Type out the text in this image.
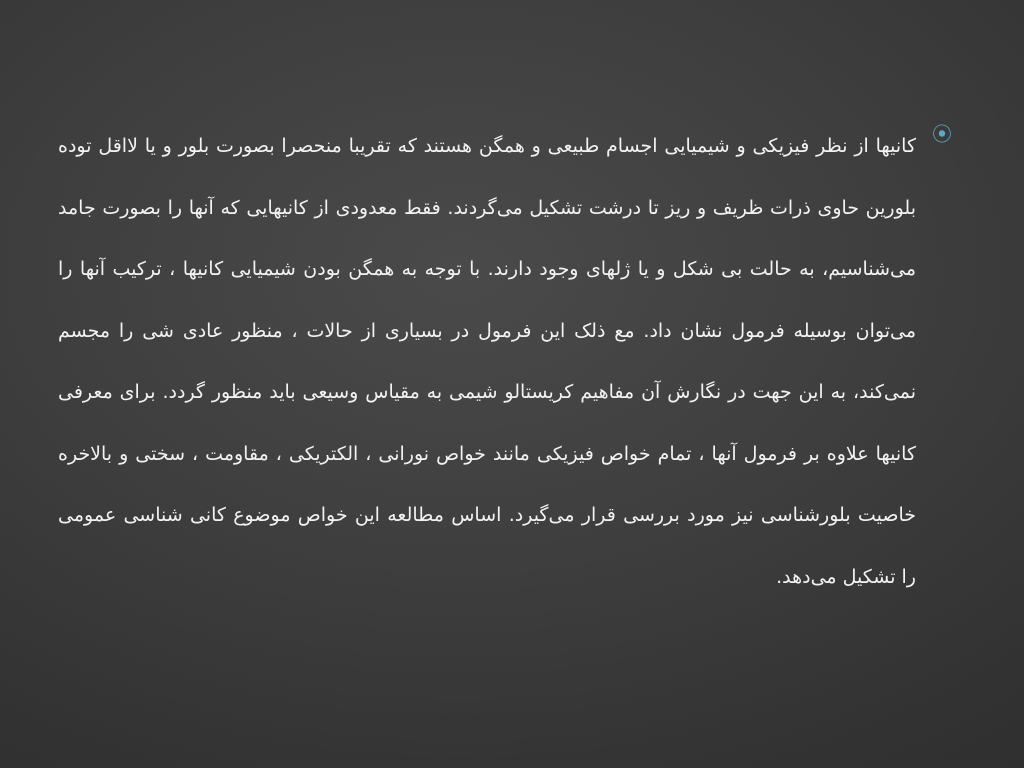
⦿

کانیها از نظر فیزیکی و شیمیایی اجسام طبیعی و همگن هستند که تقریبا منحصرا بصورت بلور و یا لااقل توده بلورین حاوی ذرات ظریف و ریز تا درشت تشکیل می‌گردند. فقط معدودی از کانیهایی که آنها را بصورت جامد می‌شناسیم، به حالت بی شکل و یا ژلهای وجود دارند. با توجه به همگن بودن شیمیایی کانیها ، ترکیب آنها را می‌توان بوسیله فرمول نشان داد. مع ذلک این فرمول در بسیاری از حالات ، منظور عادی شی را مجسم نمی‌کند، به این جهت در نگارش آن مفاهیم کریستالو شیمی به مقیاس وسیعی باید منظور گردد. برای معرفی کانیها علاوه بر فرمول آنها ، تمام خواص فیزیکی مانند خواص نورانی ، الکتریکی ، مقاومت ، سختی و بالاخره خاصیت بلورشناسی نیز مورد بررسی قرار می‌گیرد. اساس مطالعه این خواص موضوع کانی شناسی عمومی را تشکیل می‌دهد.
